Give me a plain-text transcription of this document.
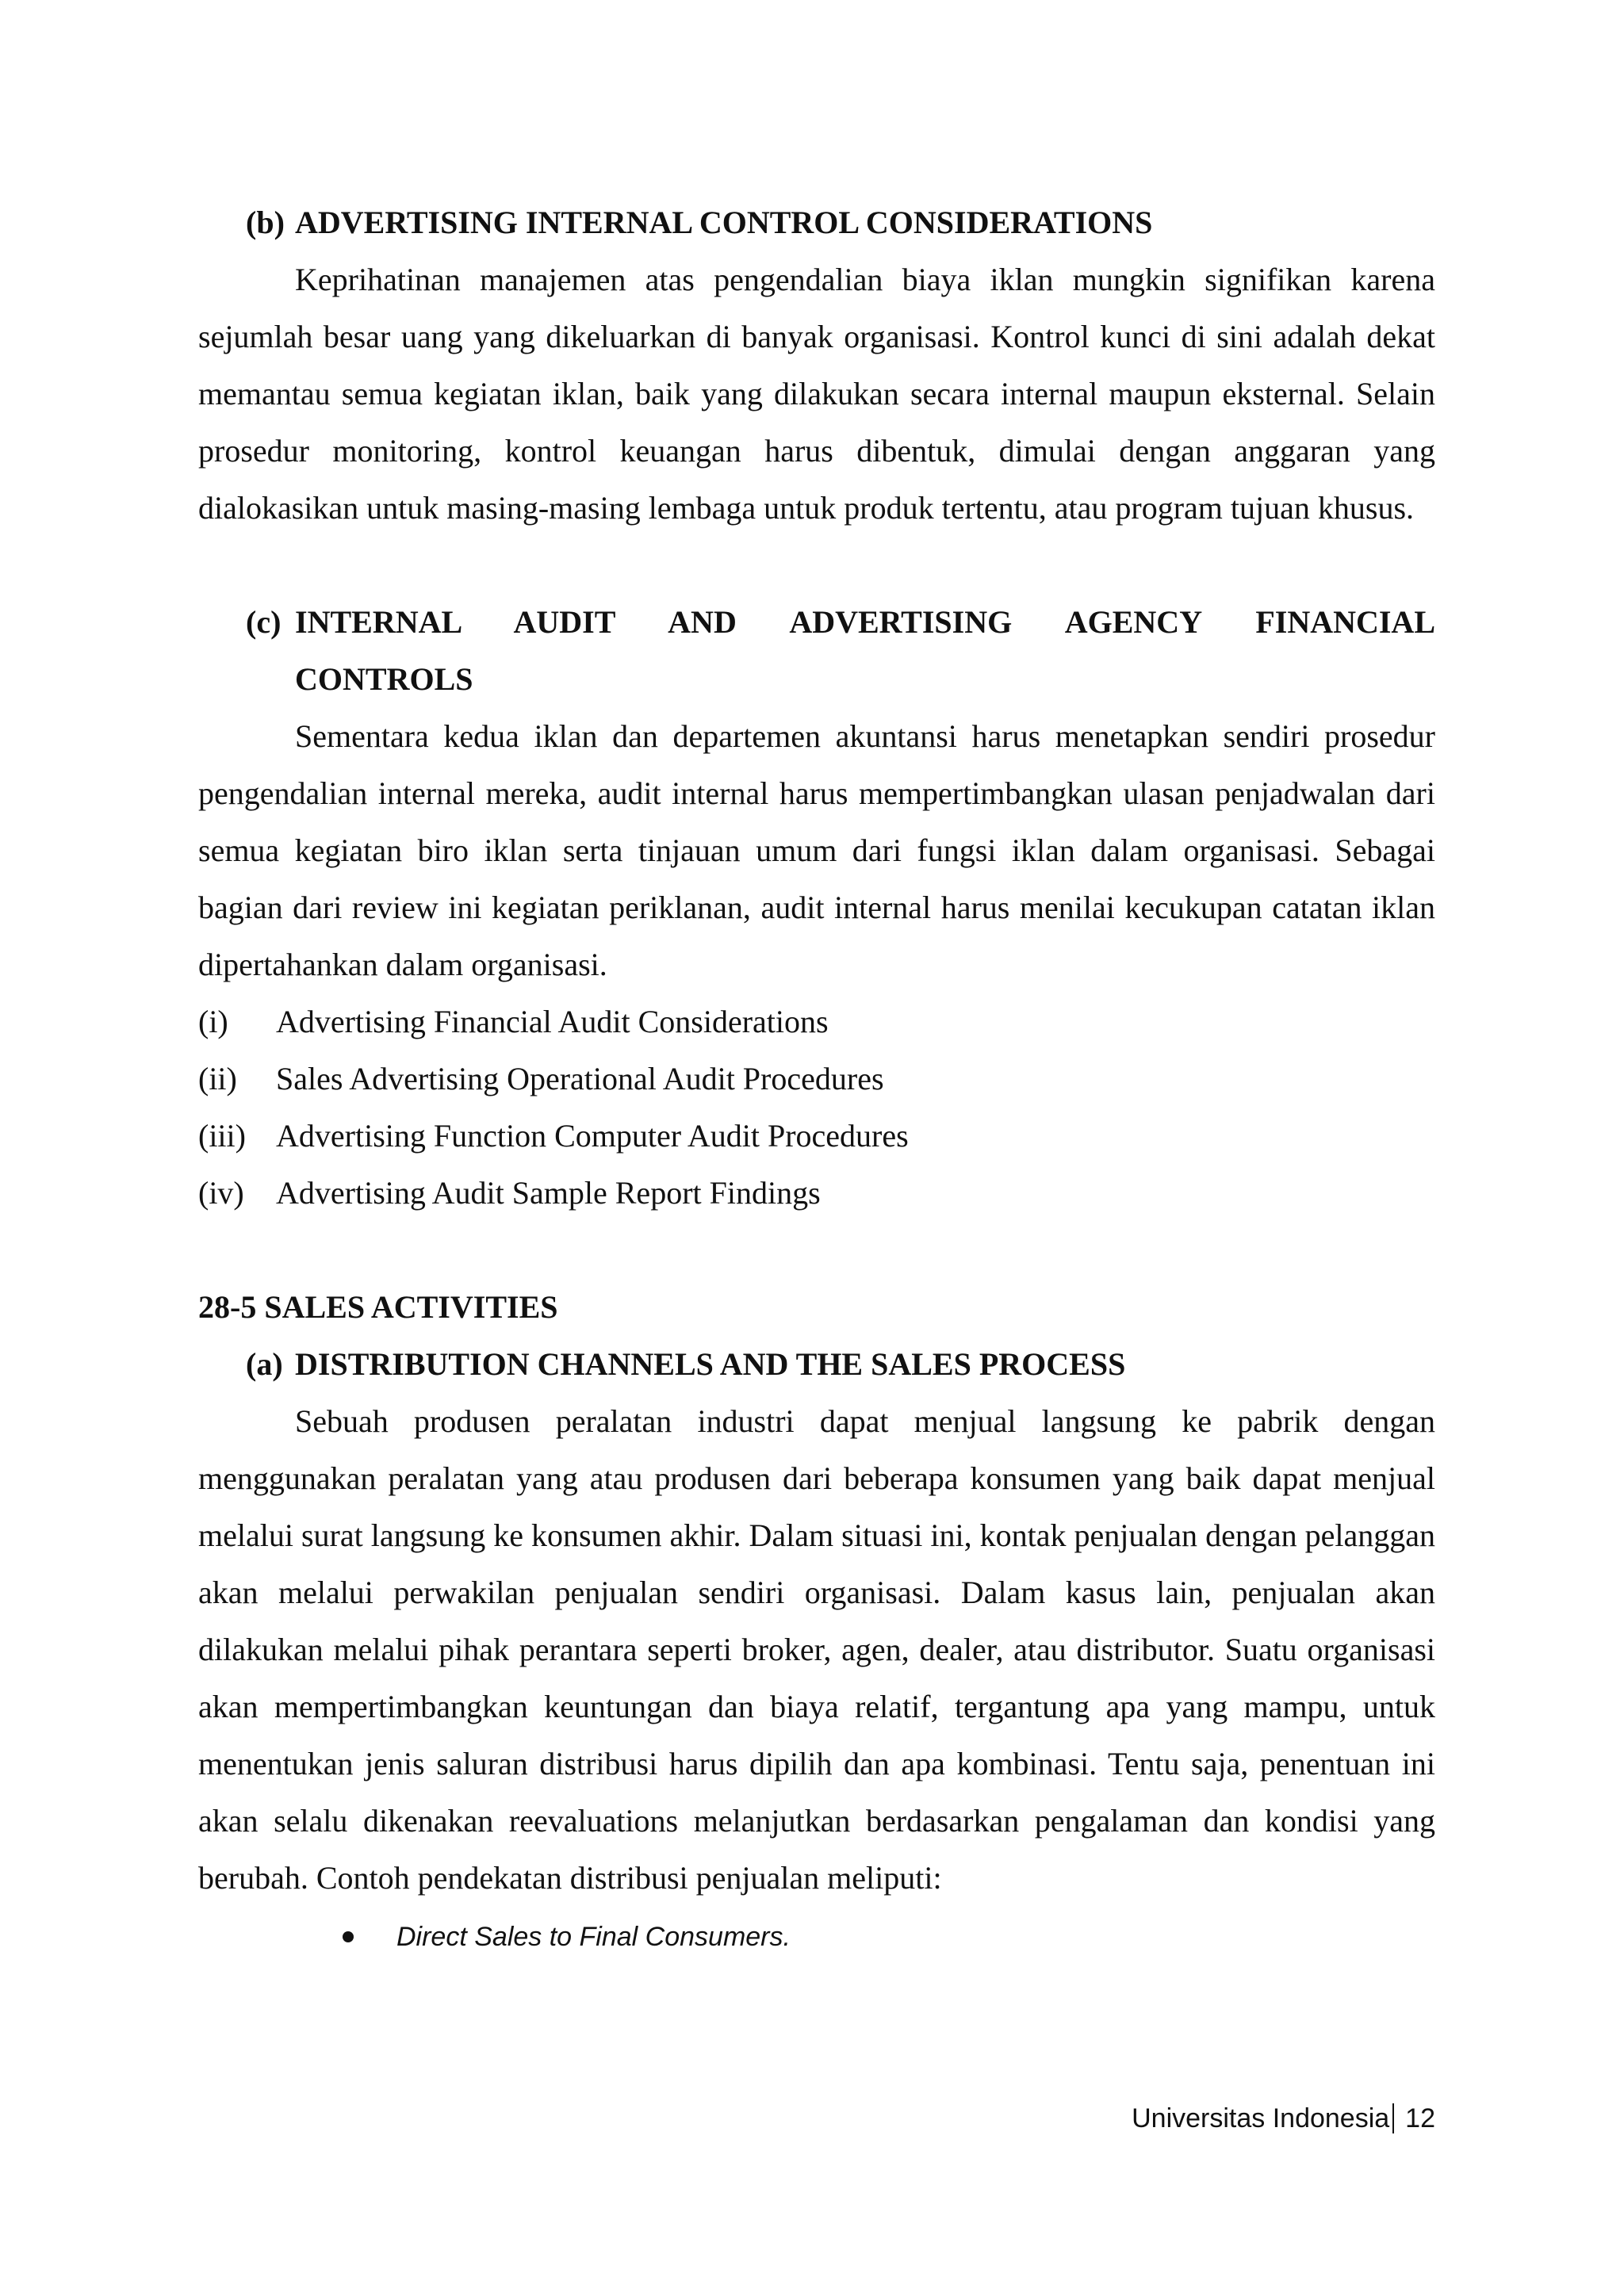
(b) ADVERTISING INTERNAL CONTROL CONSIDERATIONS

Keprihatinan manajemen atas pengendalian biaya iklan mungkin signifikan karena sejumlah besar uang yang dikeluarkan di banyak organisasi. Kontrol kunci di sini adalah dekat memantau semua kegiatan iklan, baik yang dilakukan secara internal maupun eksternal. Selain prosedur monitoring, kontrol keuangan harus dibentuk, dimulai dengan anggaran yang dialokasikan untuk masing-masing lembaga untuk produk tertentu, atau program tujuan khusus.

(c) INTERNAL AUDIT AND ADVERTISING AGENCY FINANCIAL
CONTROLS

Sementara kedua iklan dan departemen akuntansi harus menetapkan sendiri prosedur pengendalian internal mereka, audit internal harus mempertimbangkan ulasan penjadwalan dari semua kegiatan biro iklan serta tinjauan umum dari fungsi iklan dalam organisasi. Sebagai bagian dari review ini kegiatan periklanan, audit internal harus menilai kecukupan catatan iklan dipertahankan dalam organisasi.

(i)	Advertising Financial Audit Considerations
(ii)	Sales Advertising Operational Audit Procedures
(iii) Advertising Function Computer Audit Procedures
(iv)	Advertising Audit Sample Report Findings
28-5 SALES ACTIVITIES
(a) DISTRIBUTION CHANNELS AND THE SALES PROCESS

Sebuah produsen peralatan industri dapat menjual langsung ke pabrik dengan menggunakan peralatan yang atau produsen dari beberapa konsumen yang baik dapat menjual melalui surat langsung ke konsumen akhir. Dalam situasi ini, kontak penjualan dengan pelanggan akan melalui perwakilan penjualan sendiri organisasi. Dalam kasus lain, penjualan akan dilakukan melalui pihak perantara seperti broker, agen, dealer, atau distributor. Suatu organisasi akan mempertimbangkan keuntungan dan biaya relatif, tergantung apa yang mampu, untuk menentukan jenis saluran distribusi harus dipilih dan apa kombinasi. Tentu saja, penentuan ini akan selalu dikenakan reevaluations melanjutkan berdasarkan pengalaman dan kondisi yang berubah. Contoh pendekatan distribusi penjualan meliputi:

Direct Sales to Final Consumers.
Universitas Indonesia 12
